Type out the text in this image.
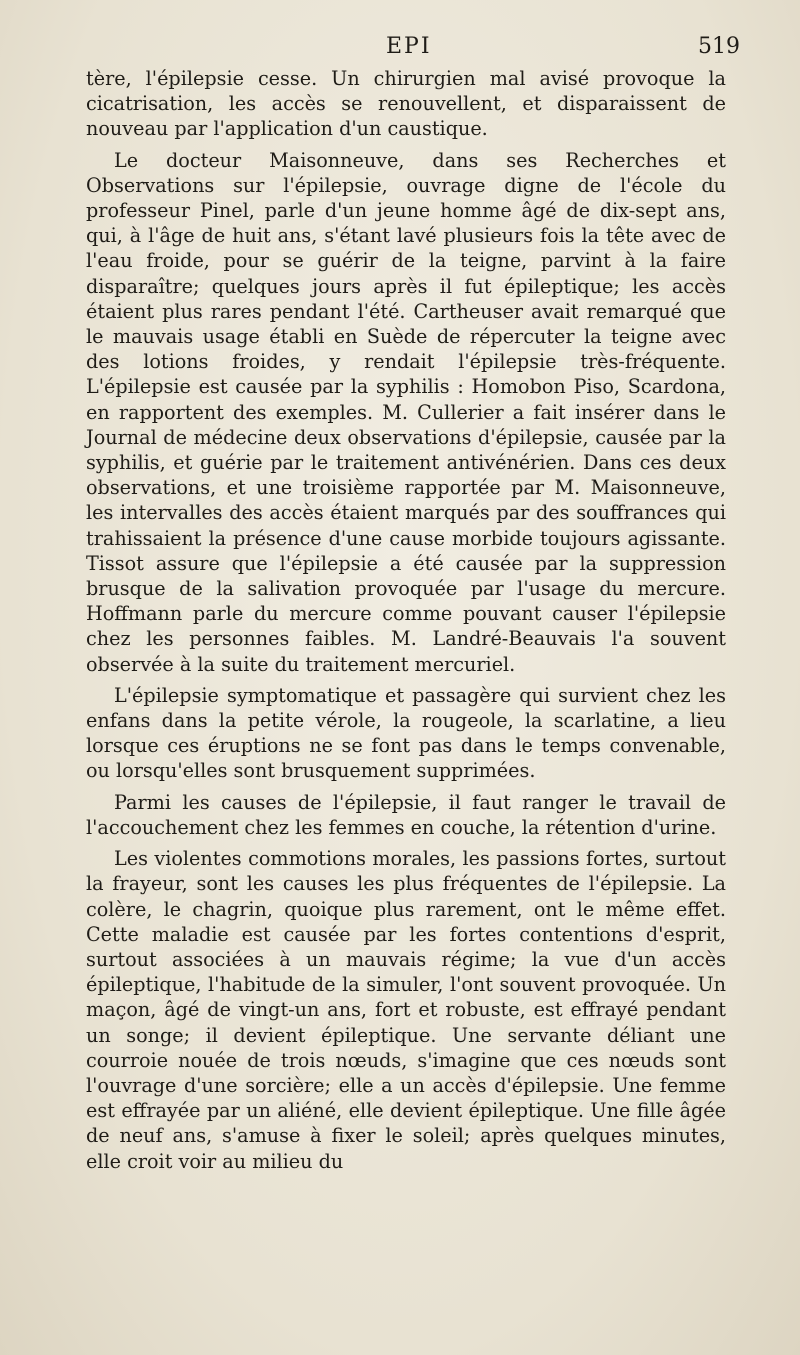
EPI	519

tère, l'épilepsie cesse. Un chirurgien mal avisé provoque la cicatrisation, les accès se renouvellent, et disparaissent de nouveau par l'application d'un caustique.

Le docteur Maisonneuve, dans ses Recherches et Observations sur l'épilepsie, ouvrage digne de l'école du professeur Pinel, parle d'un jeune homme âgé de dix-sept ans, qui, à l'âge de huit ans, s'étant lavé plusieurs fois la tête avec de l'eau froide, pour se guérir de la teigne, parvint à la faire disparaître; quelques jours après il fut épileptique; les accès étaient plus rares pendant l'été. Cartheuser avait remarqué que le mauvais usage établi en Suède de répercuter la teigne avec des lotions froides, y rendait l'épilepsie très-fréquente. L'épilepsie est causée par la syphilis : Homobon Piso, Scardona, en rapportent des exemples. M. Cullerier a fait insérer dans le Journal de médecine deux observations d'épilepsie, causée par la syphilis, et guérie par le traitement antivénérien. Dans ces deux observations, et une troisième rapportée par M. Maisonneuve, les intervalles des accès étaient marqués par des souffrances qui trahissaient la présence d'une cause morbide toujours agissante. Tissot assure que l'épilepsie a été causée par la suppression brusque de la salivation provoquée par l'usage du mercure. Hoffmann parle du mercure comme pouvant causer l'épilepsie chez les personnes faibles. M. Landré-Beauvais l'a souvent observée à la suite du traitement mercuriel.

L'épilepsie symptomatique et passagère qui survient chez les enfans dans la petite vérole, la rougeole, la scarlatine, a lieu lorsque ces éruptions ne se font pas dans le temps convenable, ou lorsqu'elles sont brusquement supprimées.

Parmi les causes de l'épilepsie, il faut ranger le travail de l'accouchement chez les femmes en couche, la rétention d'urine.

Les violentes commotions morales, les passions fortes, surtout la frayeur, sont les causes les plus fréquentes de l'épilepsie. La colère, le chagrin, quoique plus rarement, ont le même effet. Cette maladie est causée par les fortes contentions d'esprit, surtout associées à un mauvais régime; la vue d'un accès épileptique, l'habitude de la simuler, l'ont souvent provoquée. Un maçon, âgé de vingt-un ans, fort et robuste, est effrayé pendant un songe; il devient épileptique. Une servante déliant une courroie nouée de trois nœuds, s'imagine que ces nœuds sont l'ouvrage d'une sorcière; elle a un accès d'épilepsie. Une femme est effrayée par un aliéné, elle devient épileptique. Une fille âgée de neuf ans, s'amuse à fixer le soleil; après quelques minutes, elle croit voir au milieu du
